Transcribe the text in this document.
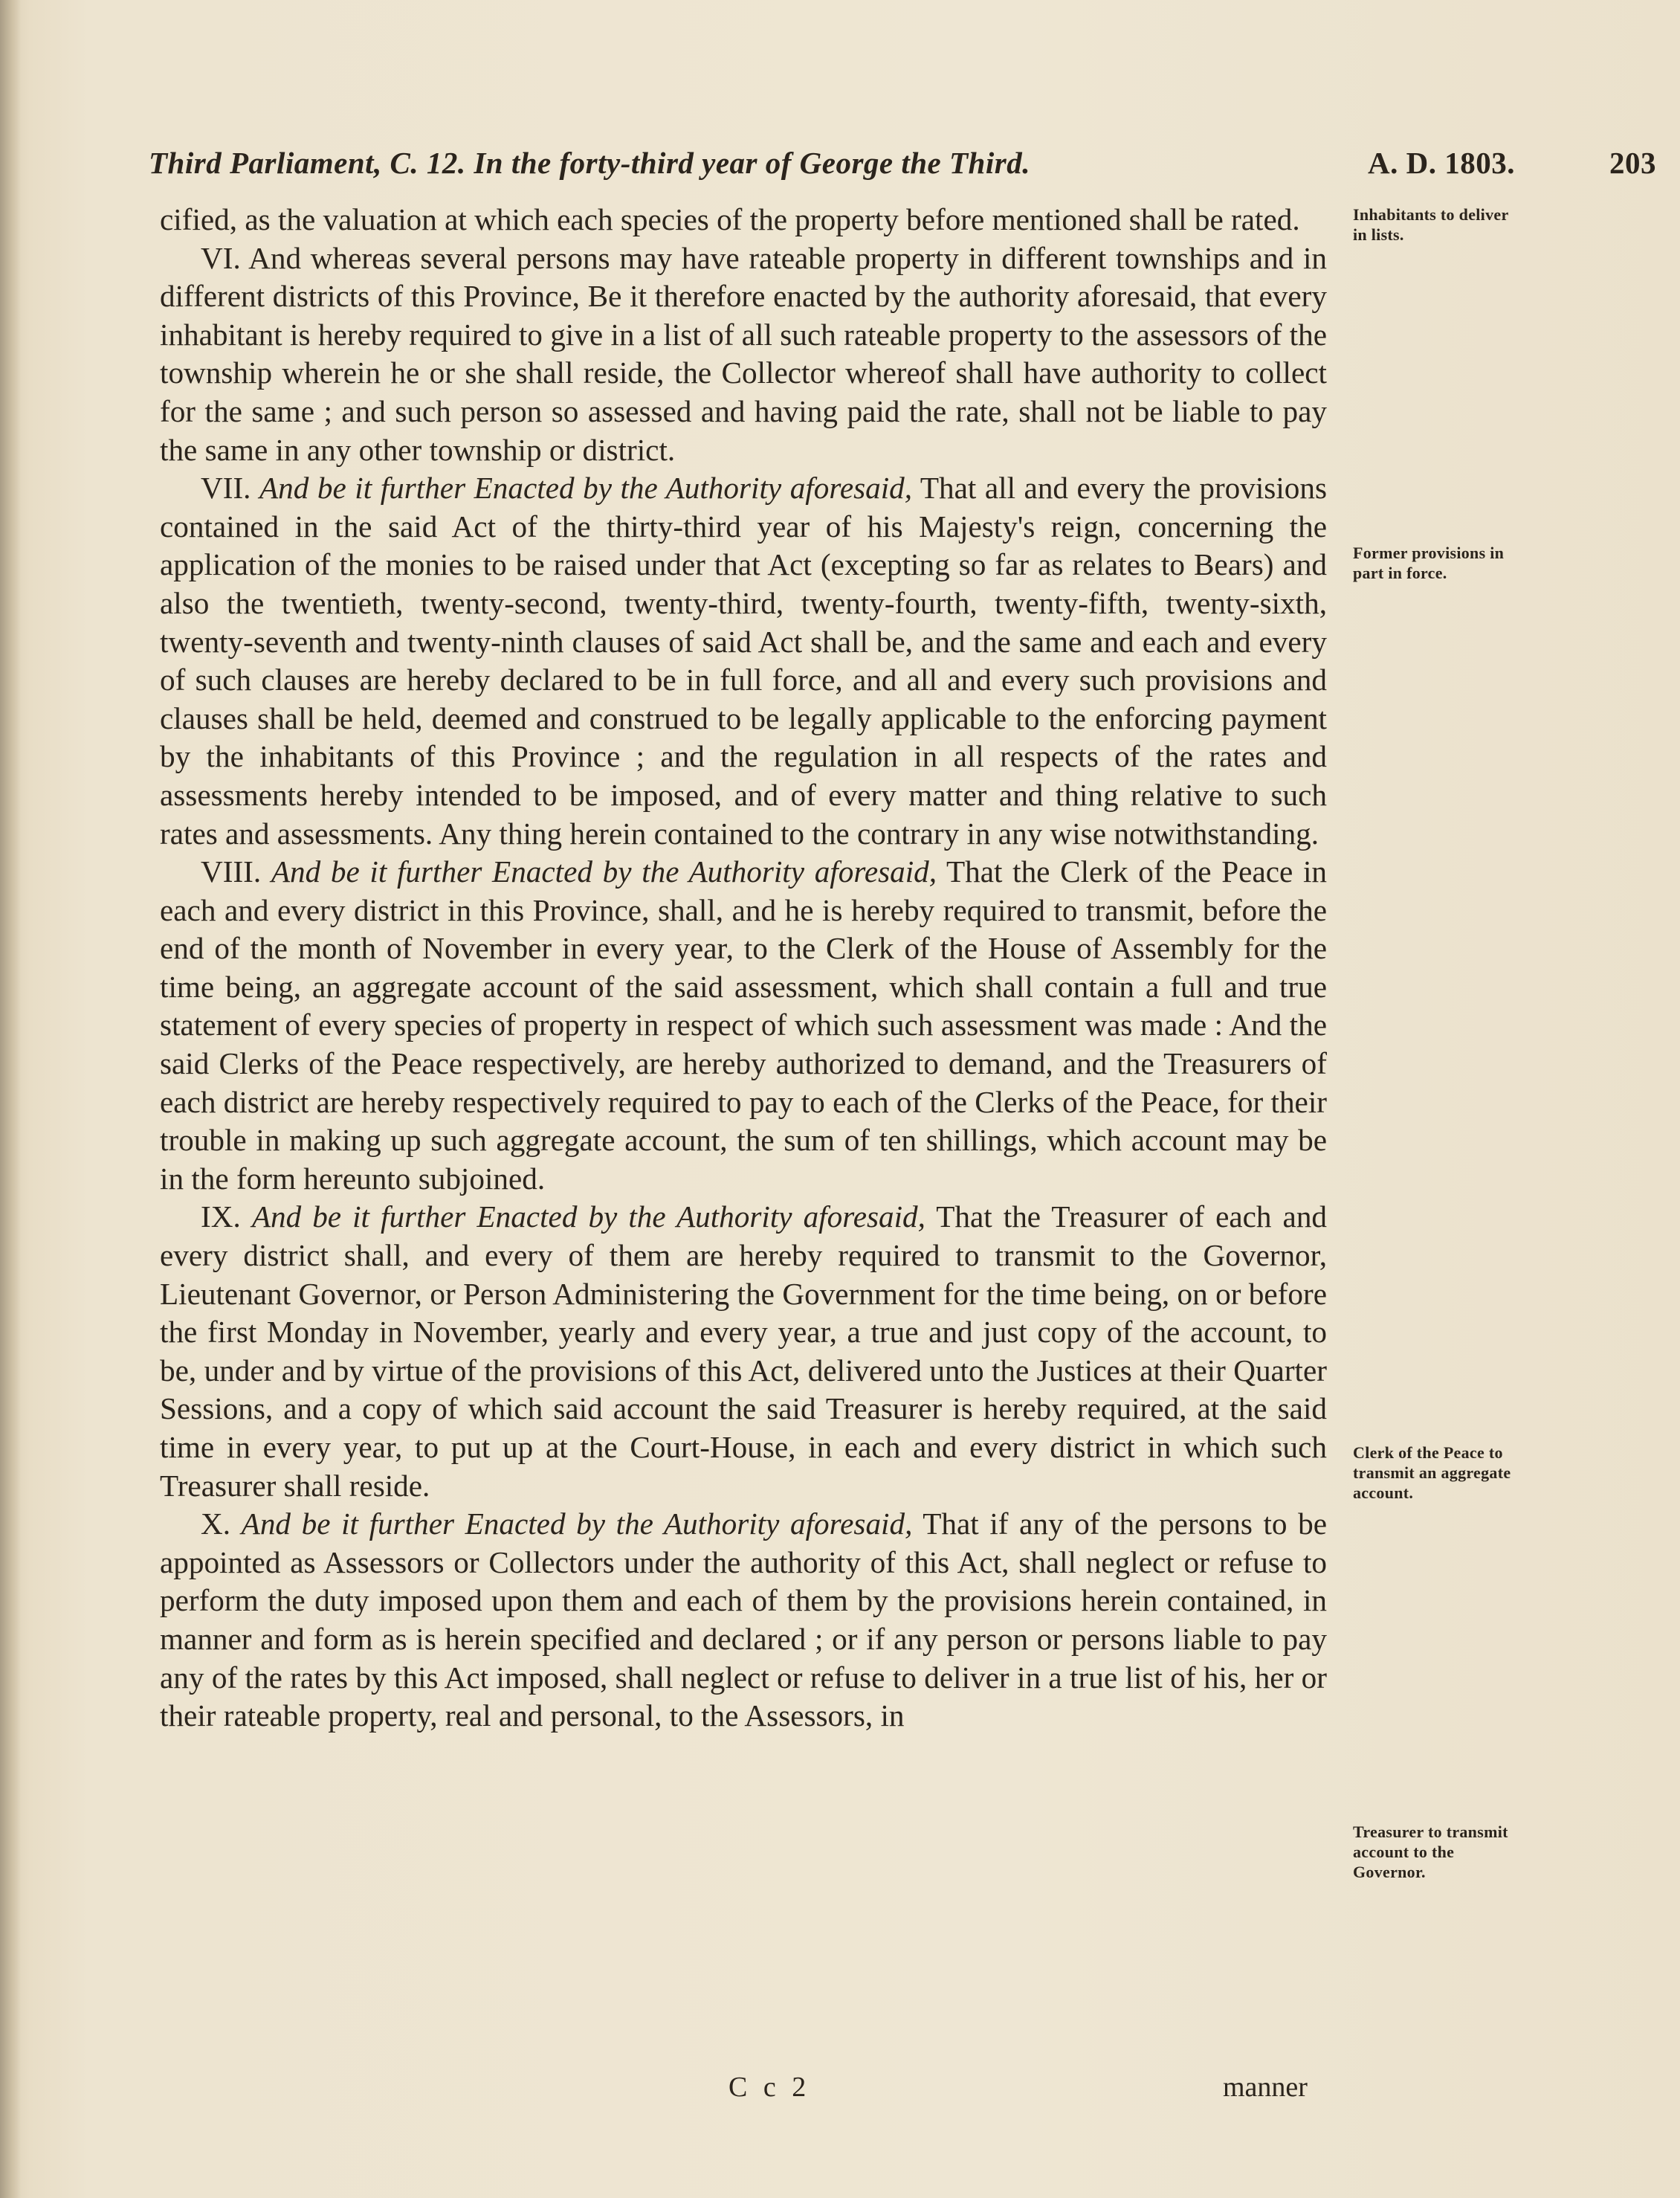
Third Parliament, C. 12. In the forty-third year of George the Third.	A. D. 1803.	203

cified, as the valuation at which each species of the property before mentioned shall be rated.

VI. And whereas several persons may have rateable property in different townships and in different districts of this Province, Be it therefore enacted by the authority aforesaid, that every inhabitant is hereby required to give in a list of all such rateable property to the assessors of the township wherein he or she shall reside, the Collector whereof shall have authority to collect for the same ; and such person so assessed and having paid the rate, shall not be liable to pay the same in any other township or district.

VII. And be it further Enacted by the Authority aforesaid, That all and every the provisions contained in the said Act of the thirty-third year of his Majesty's reign, concerning the application of the monies to be raised under that Act (excepting so far as relates to Bears) and also the twentieth, twenty-second, twenty-third, twenty-fourth, twenty-fifth, twenty-sixth, twenty-seventh and twenty-ninth clauses of said Act shall be, and the same and each and every of such clauses are hereby declared to be in full force, and all and every such provisions and clauses shall be held, deemed and construed to be legally applicable to the enforcing payment by the inhabitants of this Province ; and the regulation in all respects of the rates and assessments hereby intended to be imposed, and of every matter and thing relative to such rates and assessments. Any thing herein contained to the contrary in any wise notwithstanding.

VIII. And be it further Enacted by the Authority aforesaid, That the Clerk of the Peace in each and every district in this Province, shall, and he is hereby required to transmit, before the end of the month of November in every year, to the Clerk of the House of Assembly for the time being, an aggregate account of the said assessment, which shall contain a full and true statement of every species of property in respect of which such assessment was made : And the said Clerks of the Peace respectively, are hereby authorized to demand, and the Treasurers of each district are hereby respectively required to pay to each of the Clerks of the Peace, for their trouble in making up such aggregate account, the sum of ten shillings, which account may be in the form hereunto subjoined.

IX. And be it further Enacted by the Authority aforesaid, That the Treasurer of each and every district shall, and every of them are hereby required to transmit to the Governor, Lieutenant Governor, or Person Administering the Government for the time being, on or before the first Monday in November, yearly and every year, a true and just copy of the account, to be, under and by virtue of the provisions of this Act, delivered unto the Justices at their Quarter Sessions, and a copy of which said account the said Treasurer is hereby required, at the said time in every year, to put up at the Court-House, in each and every district in which such Treasurer shall reside.

X. And be it further Enacted by the Authority aforesaid, That if any of the persons to be appointed as Assessors or Collectors under the authority of this Act, shall neglect or refuse to perform the duty imposed upon them and each of them by the provisions herein contained, in manner and form as is herein specified and declared ; or if any person or persons liable to pay any of the rates by this Act imposed, shall neglect or refuse to deliver in a true list of his, her or their rateable property, real and personal, to the Assessors, in

Inhabitants to deliver in lists.
Former provisions in part in force.
Clerk of the Peace to transmit an aggregate account.
Treasurer to transmit account to the Governor.
C c 2	manner
